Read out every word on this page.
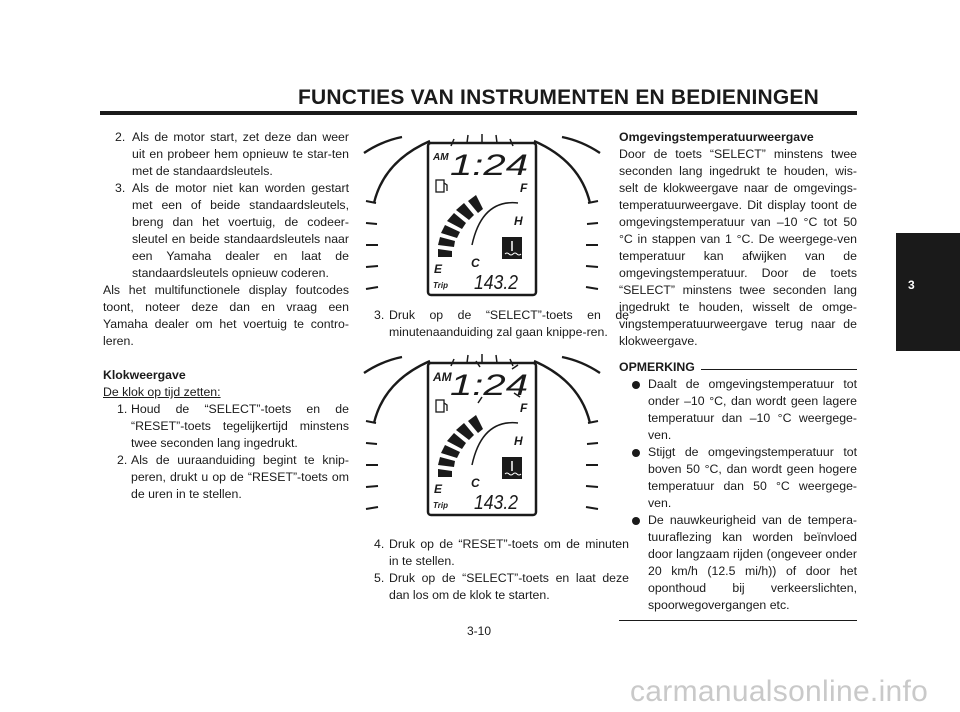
FUNCTIES VAN INSTRUMENTEN EN BEDIENINGEN
3
2. Als de motor start, zet deze dan weer uit en probeer hem opnieuw te star-ten met de standaardsleutels.
3. Als de motor niet kan worden gestart met een of beide standaardsleutels, breng dan het voertuig, de codeer-sleutel en beide standaardsleutels naar een Yamaha dealer en laat de standaardsleutels opnieuw coderen.

Als het multifunctionele display foutcodes toont, noteer deze dan en vraag een Yamaha dealer om het voertuig te contro-leren.

Klokweergave

De klok op tijd zetten:

1. Houd de “SELECT”-toets en de “RESET”-toets tegelijkertijd minstens twee seconden lang ingedrukt.
2. Als de uuraanduiding begint te knip-peren, drukt u op de “RESET”-toets om de uren in te stellen.
AM 1:24
F
H
E C
Trip 143.2
3. Druk op de “SELECT”-toets en de minutenaanduiding zal gaan knippe-ren.
4. Druk op de “RESET”-toets om de minuten in te stellen.
5. Druk op de “SELECT”-toets en laat deze dan los om de klok te starten.
AM
1:24
F
H
E C
Trip 143.2

Omgevingstemperatuurweergave

Door de toets “SELECT” minstens twee seconden lang ingedrukt te houden, wis-selt de klokweergave naar de omgevings-temperatuurweergave. Dit display toont de omgevingstemperatuur van –10 °C tot 50 °C in stappen van 1 °C. De weergege-ven temperatuur kan afwijken van de omgevingstemperatuur. Door de toets “SELECT” minstens twee seconden lang ingedrukt te houden, wisselt de omge-vingstemperatuurweergave terug naar de klokweergave.

OPMERKING
Daalt de omgevingstemperatuur tot onder –10 °C, dan wordt geen lagere temperatuur dan –10 °C weergege-ven.
Stijgt de omgevingstemperatuur tot boven 50 °C, dan wordt geen hogere temperatuur dan 50 °C weergege-ven.
De nauwkeurigheid van de tempera-tuuraflezing kan worden beïnvloed door langzaam rijden (ongeveer onder 20 km/h (12.5 mi/h)) of door het oponthoud bij verkeerslichten, spoorwegovergangen etc.
3-10
carmanualsonline.info
